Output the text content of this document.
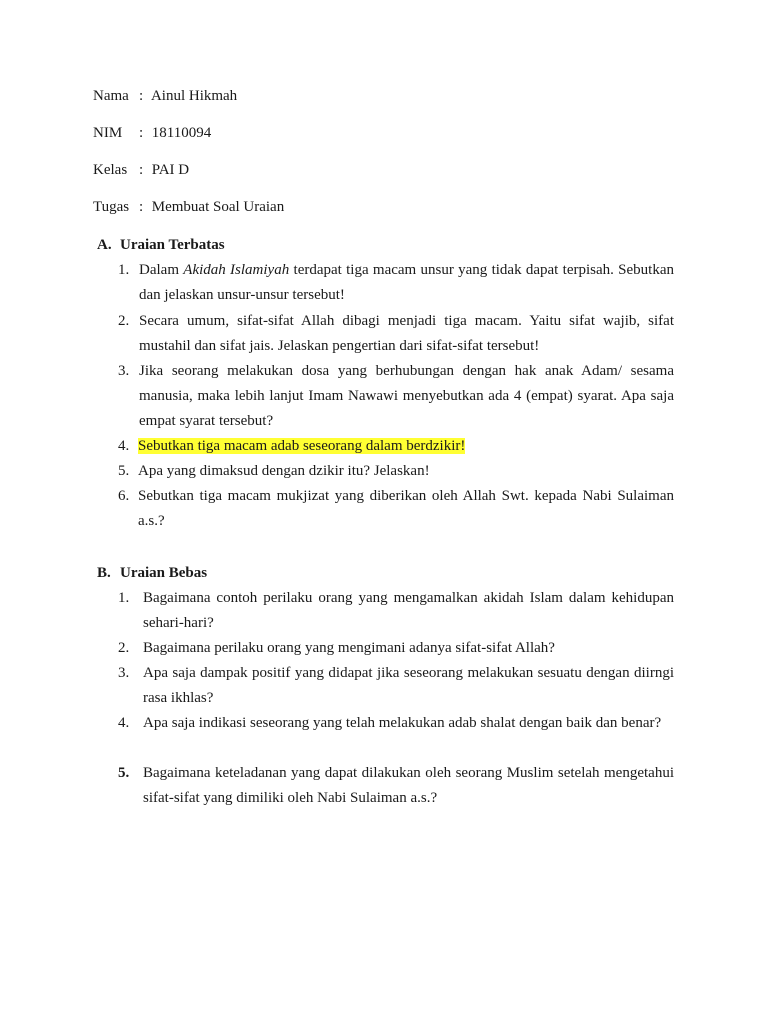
Nama : Ainul Hikmah
NIM : 18110094
Kelas : PAI D
Tugas : Membuat Soal Uraian
A. Uraian Terbatas
1. Dalam Akidah Islamiyah terdapat tiga macam unsur yang tidak dapat terpisah. Sebutkan dan jelaskan unsur-unsur tersebut!
2. Secara umum, sifat-sifat Allah dibagi menjadi tiga macam. Yaitu sifat wajib, sifat mustahil dan sifat jais. Jelaskan pengertian dari sifat-sifat tersebut!
3. Jika seorang melakukan dosa yang berhubungan dengan hak anak Adam/ sesama manusia, maka lebih lanjut Imam Nawawi menyebutkan ada 4 (empat) syarat. Apa saja empat syarat tersebut?
4. Sebutkan tiga macam adab seseorang dalam berdzikir!
5. Apa yang dimaksud dengan dzikir itu? Jelaskan!
6. Sebutkan tiga macam mukjizat yang diberikan oleh Allah Swt. kepada Nabi Sulaiman a.s.?
B. Uraian Bebas
1. Bagaimana contoh perilaku orang yang mengamalkan akidah Islam dalam kehidupan sehari-hari?
2. Bagaimana perilaku orang yang mengimani adanya sifat-sifat Allah?
3. Apa saja dampak positif yang didapat jika seseorang melakukan sesuatu dengan diirngi rasa ikhlas?
4. Apa saja indikasi seseorang yang telah melakukan adab shalat dengan baik dan benar?
5. Bagaimana keteladanan yang dapat dilakukan oleh seorang Muslim setelah mengetahui sifat-sifat yang dimiliki oleh Nabi Sulaiman a.s.?
